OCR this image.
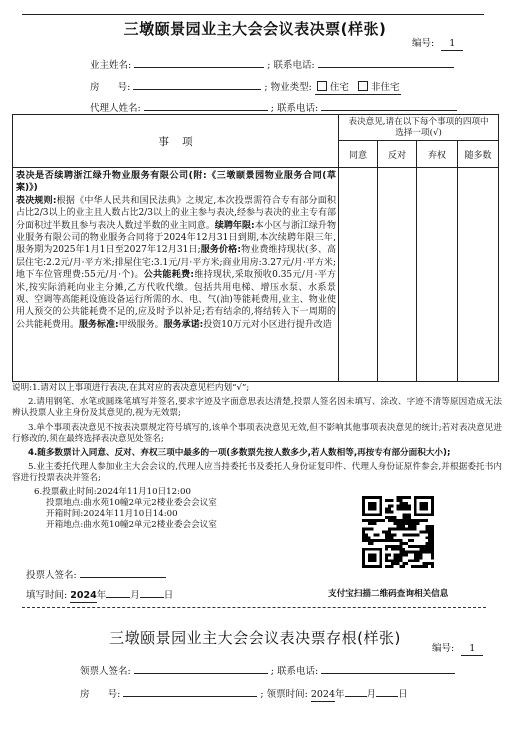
三墩颐景园业主大会会议表决票(样张)
编号: 1
业主姓名:	; 联系电话:
房      号:	; 物业类型: 住宅 非住宅
代理人姓名:	; 联系电话:
事    项	表决意见,请在以下每个事项的四项中选择一项(√)			
	同意	反对	弃权	随多数
表决是否续聘浙江绿升物业服务有限公司(附:《三墩颐景园物业服务合同(草案)》)
表决规则:根据《中华人民共和国民法典》之规定,本次投票需符合专有部分面积占比2/3以上的业主且人数占比2/3以上的业主参与表决,经参与表决的业主专有部分面积过半数且参与表决人数过半数的业主同意。续聘年限:本小区与浙江绿升物业服务有限公司的物业服务合同将于2024年12月31日到期,本次续聘年限三年,服务期为2025年1月1日至2027年12月31日;服务价格:物业费维持现状(多、高层住宅:2.2元/月·平方米;排屋住宅:3.1元/月·平方米;商业用房:3.27元/月·平方米;地下车位管理费:55元/月·个)。公共能耗费:维持现状,采取预收0.35元/月·平方米,按实际消耗向业主分摊,乙方代收代缴。包括共用电梯、增压水泵、水系景观、空调等高能耗设施设备运行所需的水、电、气(油)等能耗费用,业主、物业使用人预交的公共能耗费不足的,应及时予以补足;若有结余的,将结转入下一周期的公共能耗费用。服务标准:甲级服务。服务承诺:投资10万元对小区进行提升改造				

说明:1.请对以上事项进行表决,在其对应的表决意见栏内划“√”;

2.请用钢笔、水笔或圆珠笔填写并签名,要求字迹及字面意思表达清楚,投票人签名因未填写、涂改、字迹不清等原因造成无法辨认投票人业主身份及其意见的,视为无效票;

3.单个事项表决意见不按表决票规定符号填写的,该单个事项表决意见无效,但不影响其他事项表决意见的统计;若对表决意见进行修改的,须在最终选择表决意见处签名;

4.随多数票计入同意、反对、弃权三项中最多的一项(多数票先按人数多少,若人数相等,再按专有部分面积大小);

5.业主委托代理人参加业主大会会议的,代理人应当持委托书及委托人身份证复印件、代理人身份证原件参会,并根据委托书内容进行投票表决并签名;

6.投票截止时间:2024年11月10日12:00

投票地点:曲水苑10幢2单元2楼业委会会议室

开箱时间:2024年11月10日14:00

开箱地点:曲水苑10幢2单元2楼业委会会议室

投票人签名:
填写时间: 2024年	月	日	支付宝扫描二维码查询相关信息
三墩颐景园业主大会会议表决票存根(样张)
编号: 1
领票人签名:	; 联系电话:
房      号:	; 领票时间: 2024年 月 日
